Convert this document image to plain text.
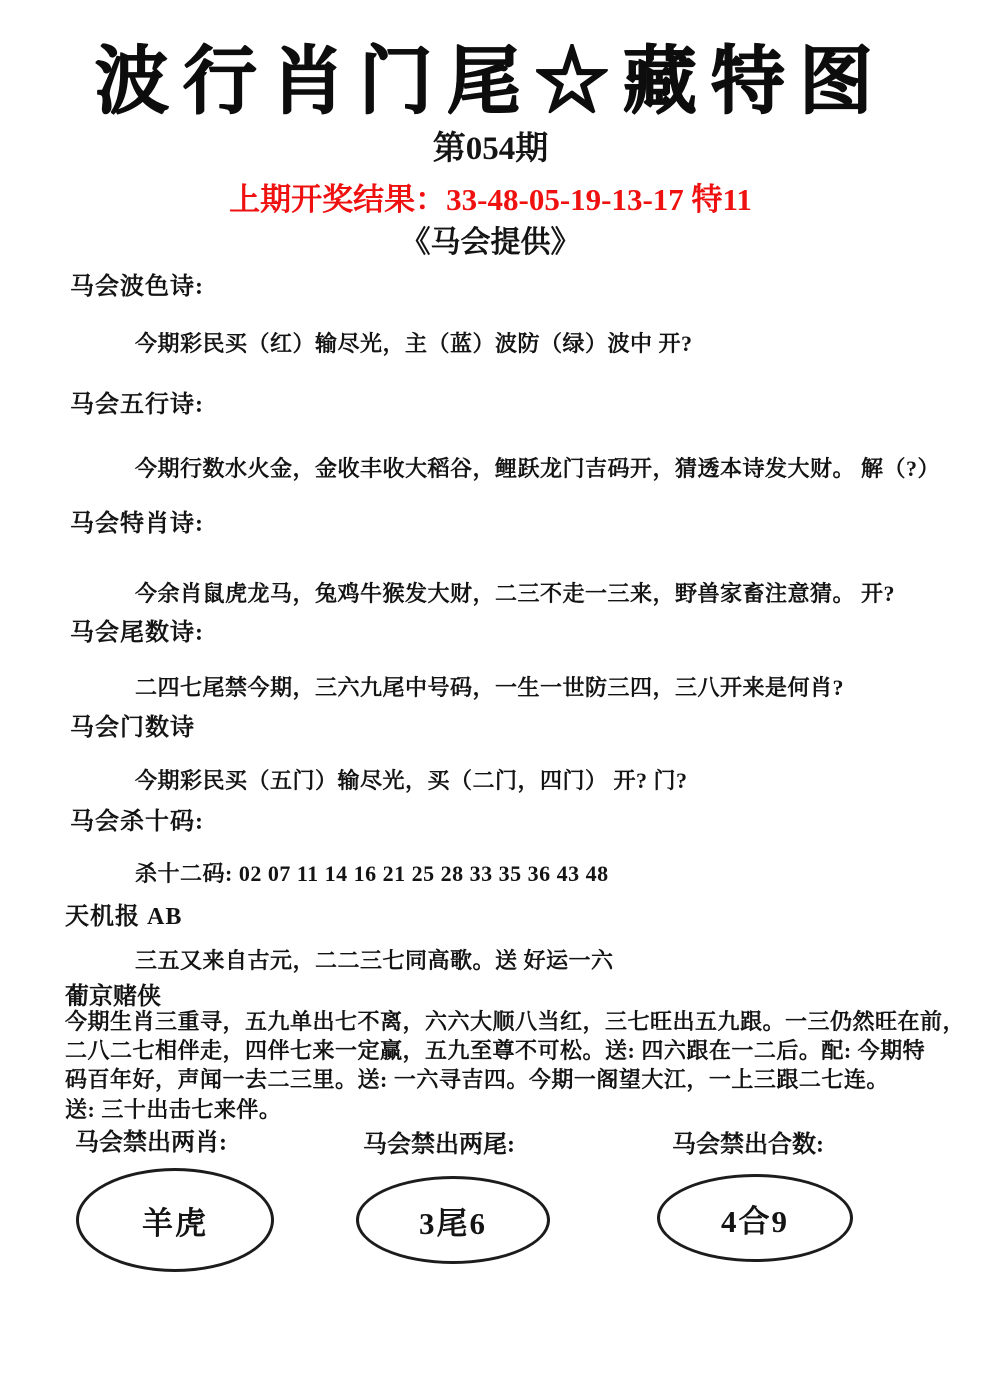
波行肖门尾☆藏特图
第054期
上期开奖结果：33-48-05-19-13-17 特11
《马会提供》
马会波色诗:
今期彩民买（红）输尽光，主（蓝）波防（绿）波中 开?
马会五行诗:
今期行数水火金，金收丰收大稻谷，鲤跃龙门吉码开，猜透本诗发大财。 解（?）
马会特肖诗:
今余肖鼠虎龙马，兔鸡牛猴发大财，二三不走一三来，野兽家畜注意猜。 开?
马会尾数诗:
二四七尾禁今期，三六九尾中号码，一生一世防三四，三八开来是何肖?
马会门数诗
今期彩民买（五门）输尽光，买（二门，四门） 开? 门?
马会杀十码:
杀十二码: 02 07 11 14 16 21 25 28 33 35 36 43 48
天机报 AB
三五又来自古元，二二三七同高歌。送 好运一六
葡京赌侠
今期生肖三重寻，五九单出七不离，六六大顺八当红，三七旺出五九跟。一三仍然旺在前，
二八二七相伴走，四伴七来一定赢，五九至尊不可松。送: 四六跟在一二后。配: 今期特
码百年好，声闻一去二三里。送: 一六寻吉四。今期一阁望大江，一上三跟二七连。
送: 三十出击七来伴。
马会禁出两肖:	马会禁出两尾:	马会禁出合数:
羊虎	3尾6	4合9
